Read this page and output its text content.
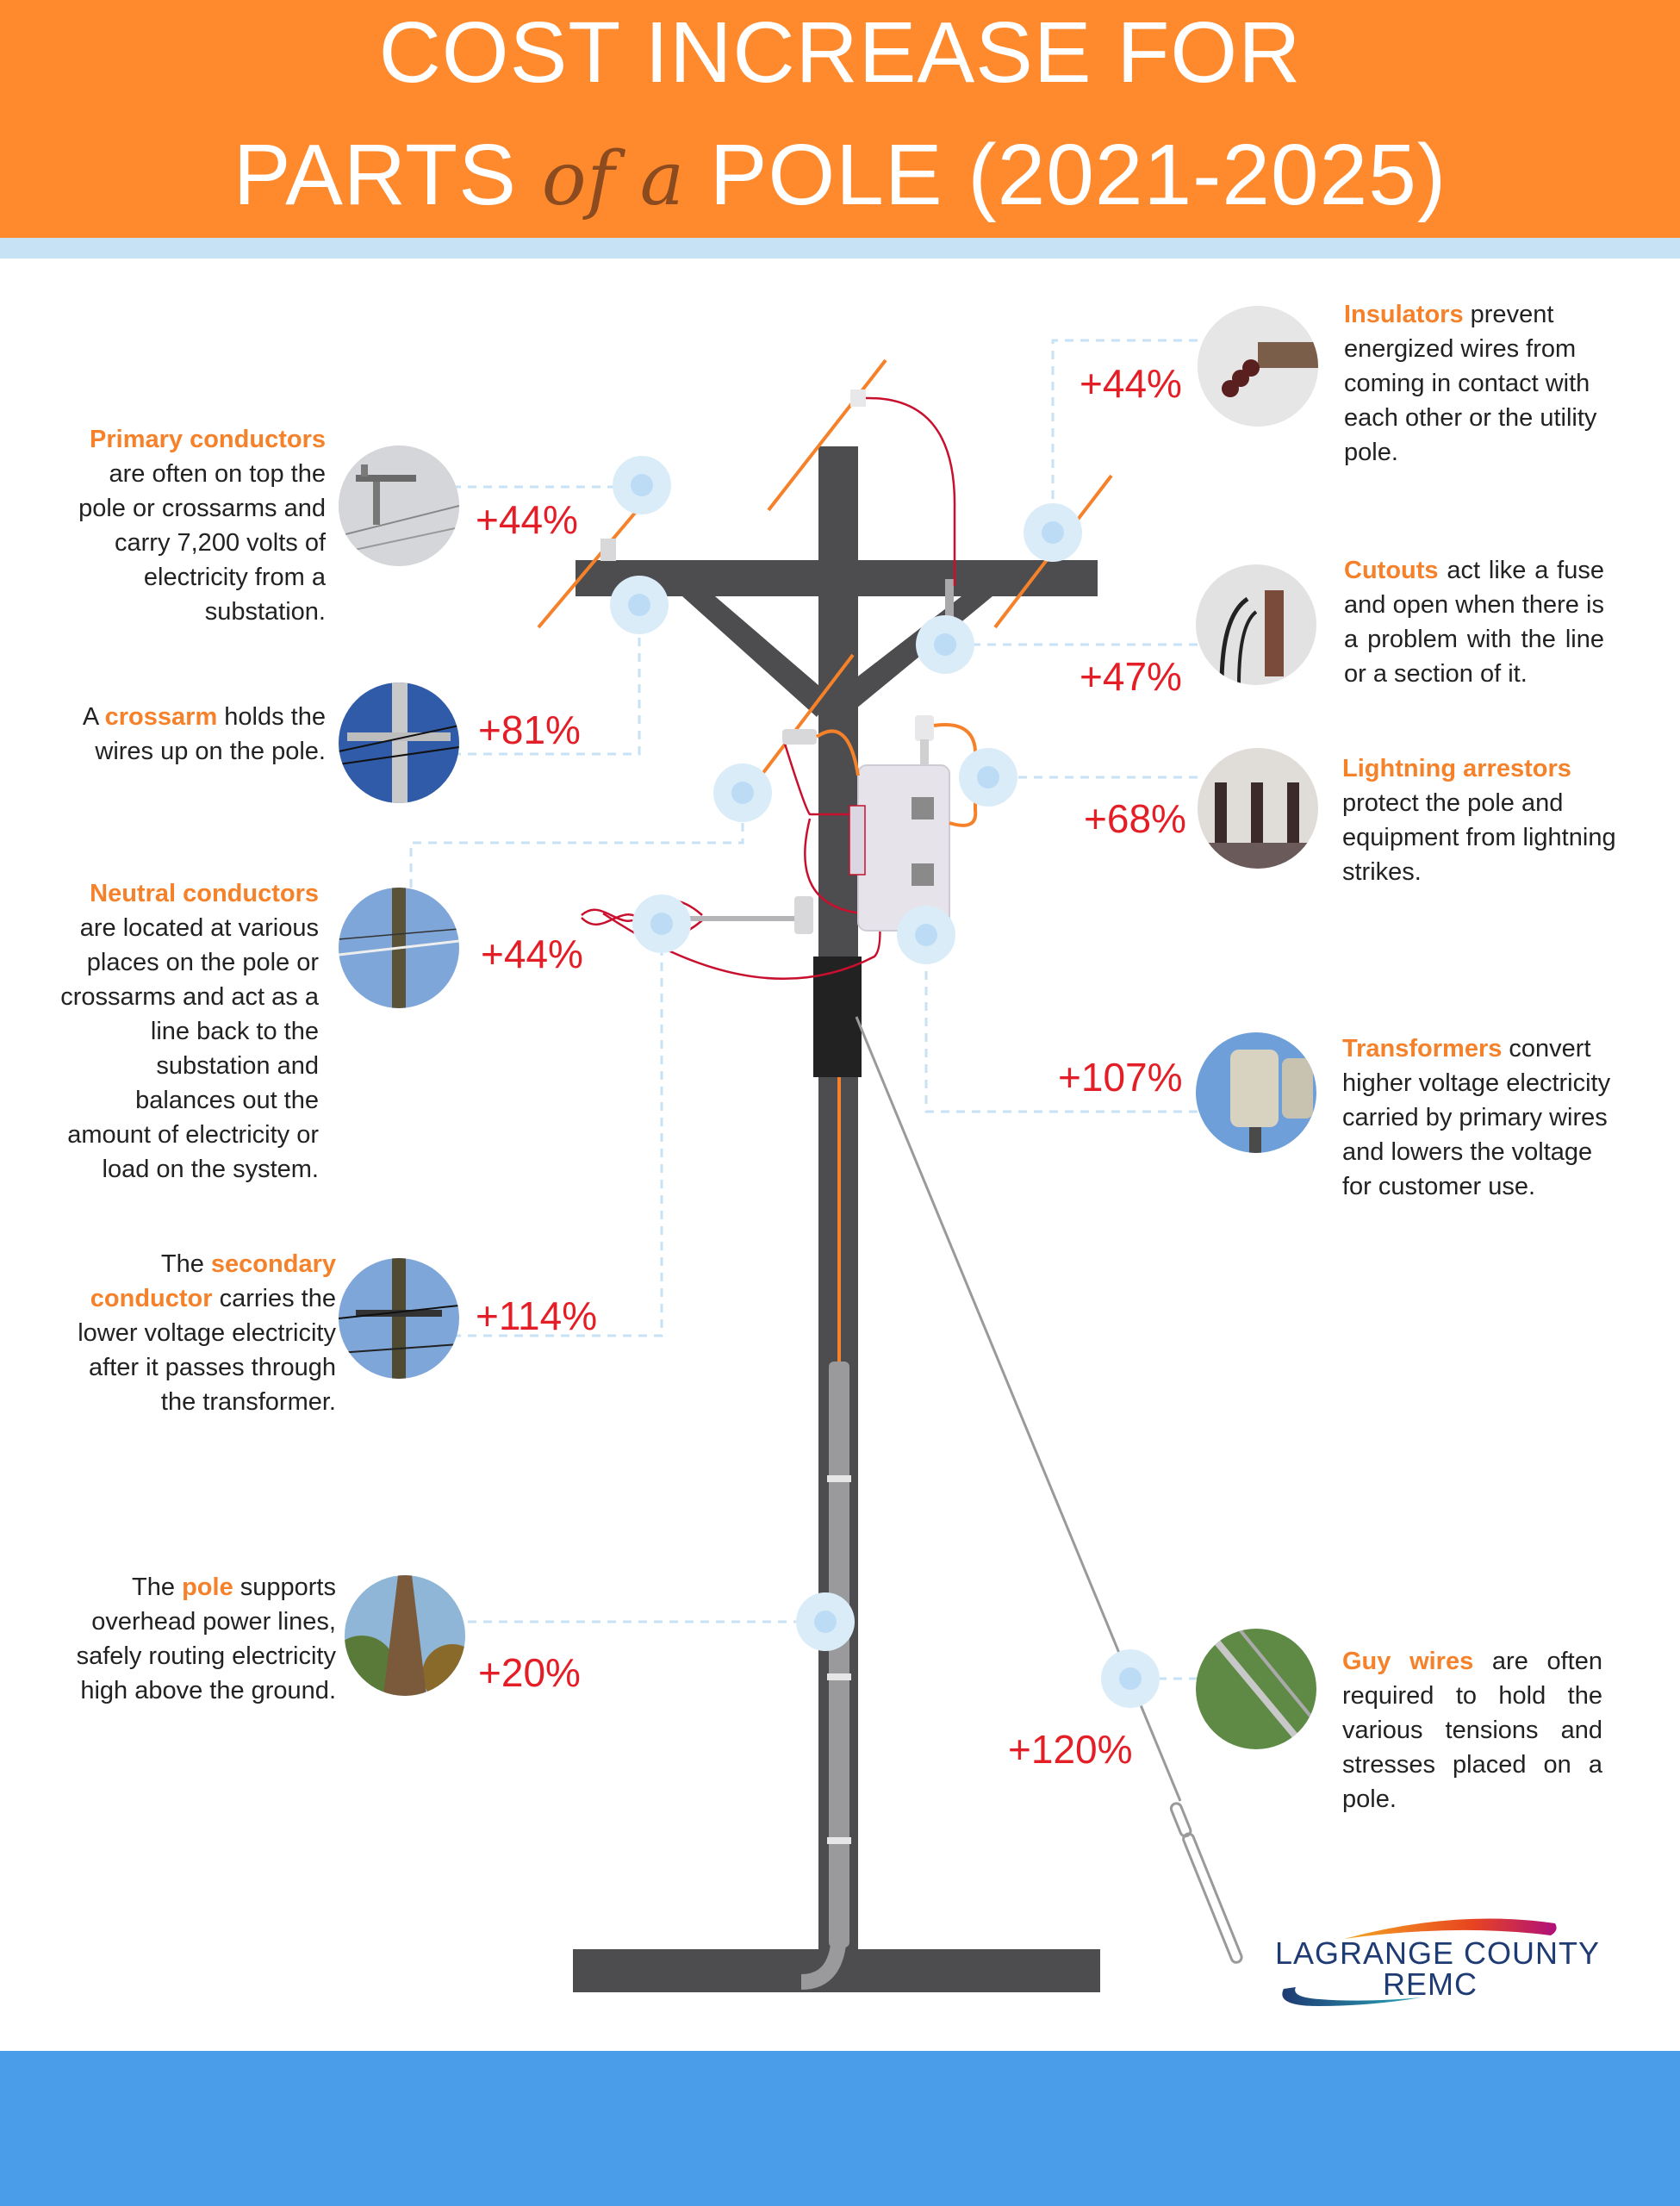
COST INCREASE FOR
PARTS of a POLE (2021-2025)
Primary conductors are often on top the pole or crossarms and carry 7,200 volts of electricity from a substation.
+44%
A crossarm holds the wires up on the pole.	+81%
Neutral conductors are located at various places on the pole or crossarms and act as a line back to the substation and balances out the amount of electricity or load on the system.
+44%
The secondary conductor carries the lower voltage electricity after it passes through the transformer.
+114%
The pole supports overhead power lines, safely routing electricity high above the ground.	+20%
+44%
Insulators prevent energized wires from coming in contact with each other or the utility pole.
+47%
Cutouts act like a fuse and open when there is a problem with the line or a section of it.
+68%
Lightning arrestors protect the pole and equipment from lightning strikes.
+107%
Transformers convert higher voltage electricity carried by primary wires and lowers the voltage for customer use.
+120%
Guy wires are often required to hold the various tensions and stresses placed on a pole.
LAGRANGE COUNTY
REMC
